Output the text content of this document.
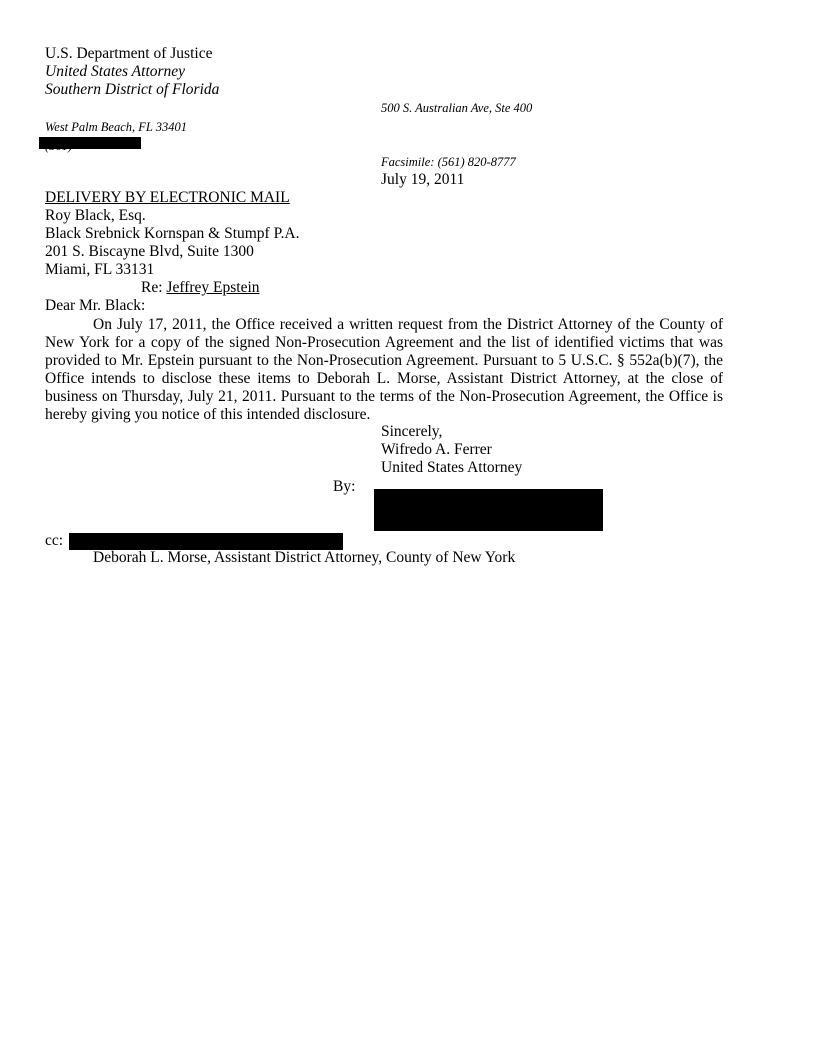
U.S. Department of Justice
United States Attorney
Southern District of Florida
500 S. Australian Ave, Ste 400
West Palm Beach, FL 33401
Facsimile: (561) 820-8777
July 19, 2011
DELIVERY BY ELECTRONIC MAIL
Roy Black, Esq.
Black Srebnick Kornspan & Stumpf P.A.
201 S. Biscayne Blvd, Suite 1300
Miami, FL 33131
Re: Jeffrey Epstein
Dear Mr. Black:

On July 17, 2011, the Office received a written request from the District Attorney of the County of New York for a copy of the signed Non-Prosecution Agreement and the list of identified victims that was provided to Mr. Epstein pursuant to the Non-Prosecution Agreement. Pursuant to 5 U.S.C. § 552a(b)(7), the Office intends to disclose these items to Deborah L. Morse, Assistant District Attorney, at the close of business on Thursday, July 21, 2011. Pursuant to the terms of the Non-Prosecution Agreement, the Office is hereby giving you notice of this intended disclosure.

Sincerely,
Wifredo A. Ferrer
United States Attorney
By:
cc:
Deborah L. Morse, Assistant District Attorney, County of New York
